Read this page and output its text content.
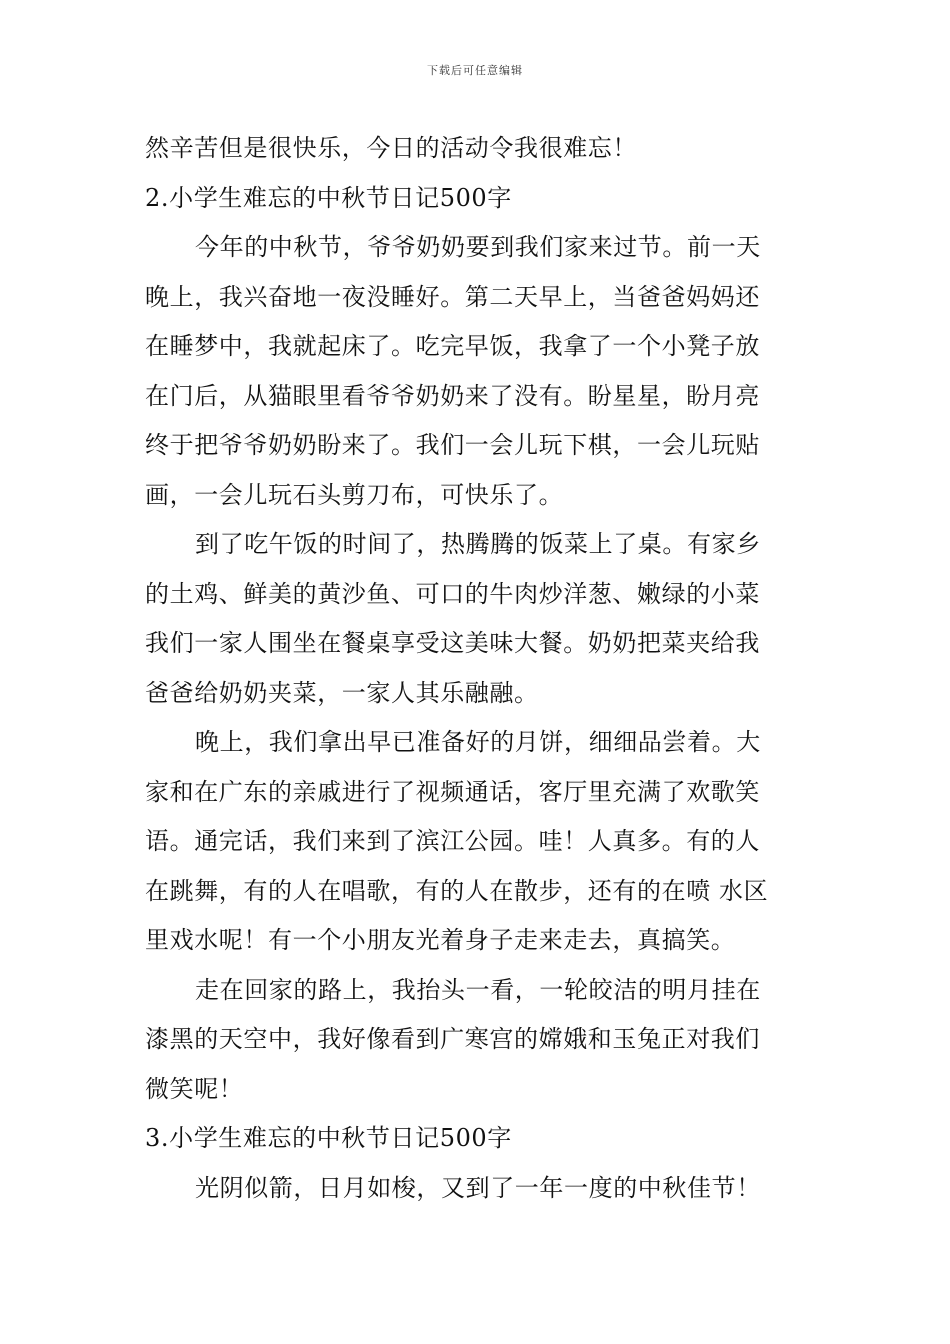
下载后可任意编辑
然辛苦但是很快乐，今日的活动令我很难忘！
2.小学生难忘的中秋节日记500字
今年的中秋节，爷爷奶奶要到我们家来过节。前一天
晚上，我兴奋地一夜没睡好。第二天早上，当爸爸妈妈还
在睡梦中，我就起床了。吃完早饭，我拿了一个小凳子放
在门后，从猫眼里看爷爷奶奶来了没有。盼星星，盼月亮
终于把爷爷奶奶盼来了。我们一会儿玩下棋，一会儿玩贴
画，一会儿玩石头剪刀布，可快乐了。
到了吃午饭的时间了，热腾腾的饭菜上了桌。有家乡
的土鸡、鲜美的黄沙鱼、可口的牛肉炒洋葱、嫩绿的小菜
我们一家人围坐在餐桌享受这美味大餐。奶奶把菜夹给我
爸爸给奶奶夹菜，一家人其乐融融。
晚上，我们拿出早已准备好的月饼，细细品尝着。大
家和在广东的亲戚进行了视频通话，客厅里充满了欢歌笑
语。通完话，我们来到了滨江公园。哇！人真多。有的人
在跳舞，有的人在唱歌，有的人在散步，还有的在喷 水区
里戏水呢！有一个小朋友光着身子走来走去，真搞笑。
走在回家的路上，我抬头一看，一轮皎洁的明月挂在
漆黑的天空中，我好像看到广寒宫的嫦娥和玉兔正对我们
微笑呢！
3.小学生难忘的中秋节日记500字
光阴似箭，日月如梭，又到了一年一度的中秋佳节！
